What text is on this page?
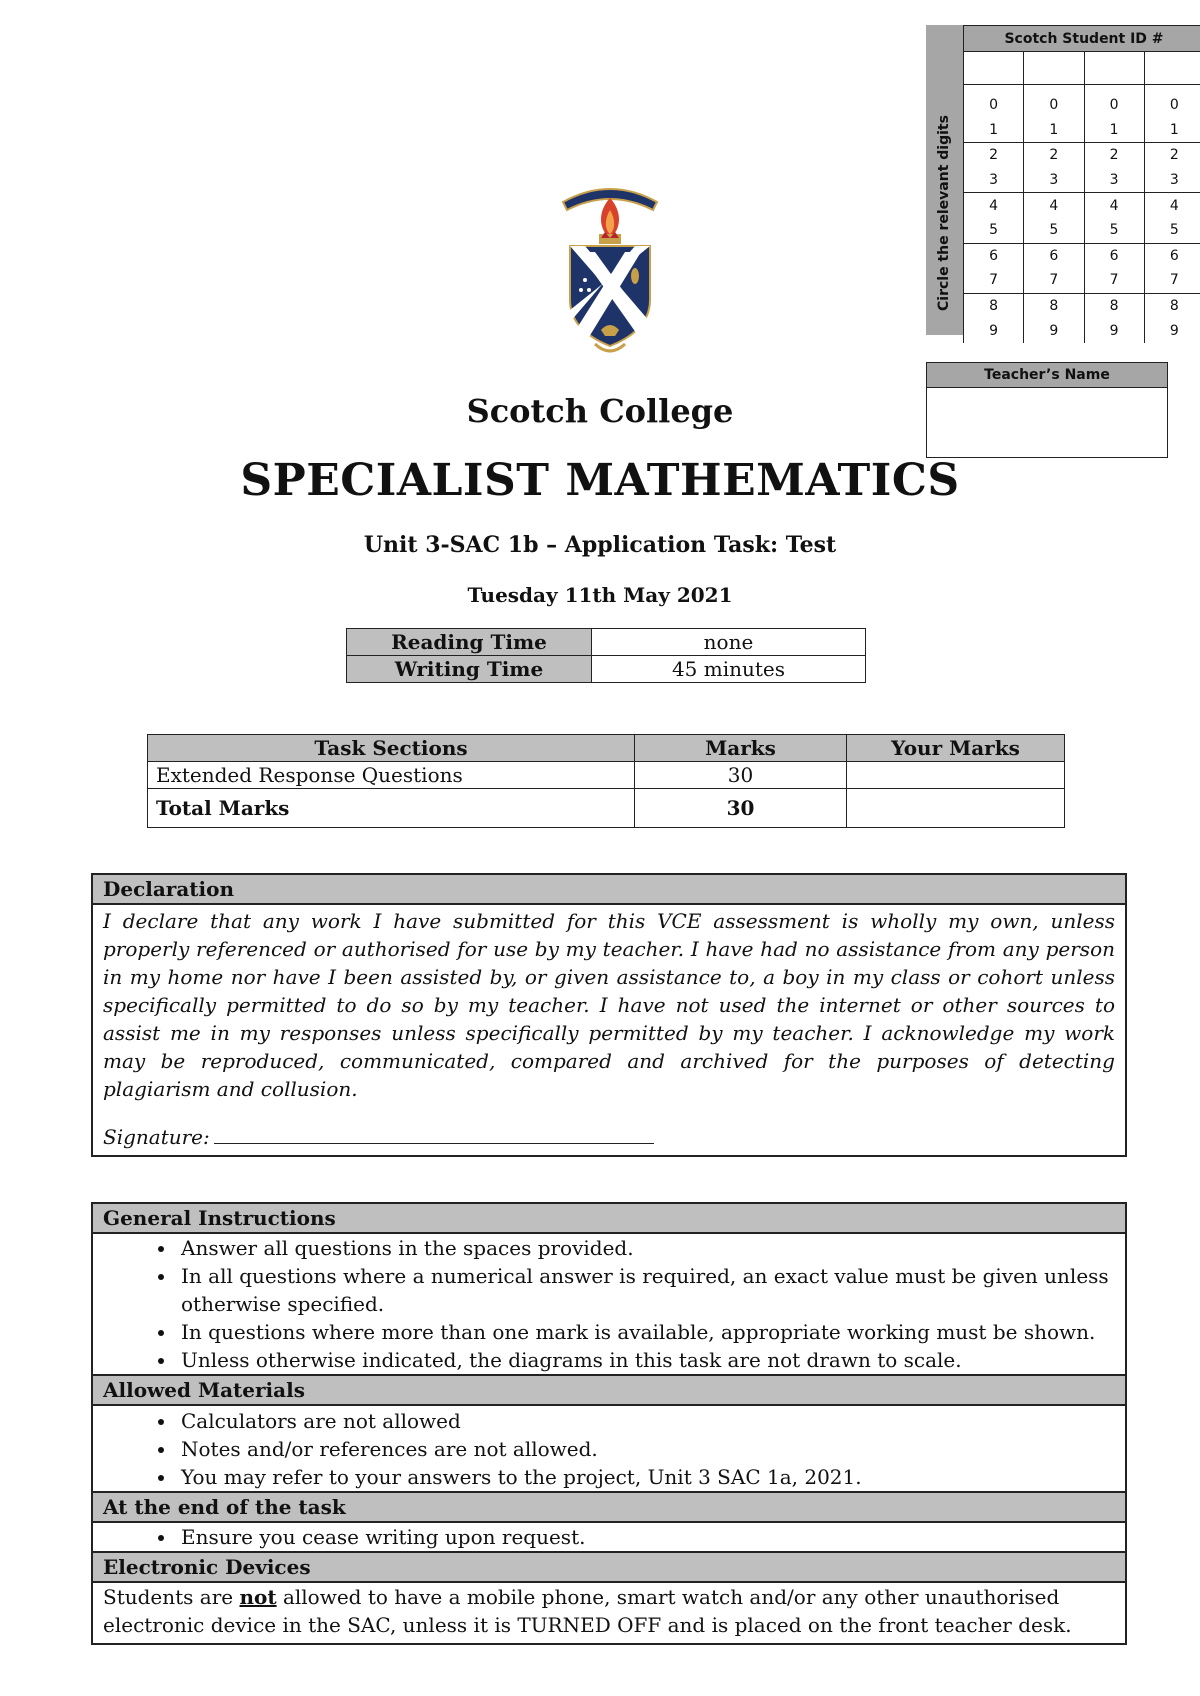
Circle the relevant digits
Scotch Student ID #			

0	0	0	0
1	1	1	1
2	2	2	2
3	3	3	3
4	4	4	4
5	5	5	5
6	6	6	6
7	7	7	7
8	8	8	8
9	9	9	9
Teacher’s Name
Scotch College
SPECIALIST MATHEMATICS
Unit 3-SAC 1b – Application Task: Test
Tuesday 11th May 2021
Reading Time	none
Writing Time	45 minutes
Task Sections	Marks	Your Marks
Extended Response Questions	30	
Total Marks	30	
Declaration
I declare that any work I have submitted for this VCE assessment is wholly my own, unless properly referenced or authorised for use by my teacher. I have had no assistance from any person in my home nor have I been assisted by, or given assistance to, a boy in my class or cohort unless specifically permitted to do so by my teacher. I have not used the internet or other sources to assist me in my responses unless specifically permitted by my teacher. I acknowledge my work may be reproduced, communicated, compared and archived for the purposes of detecting plagiarism and collusion.
Signature:
General Instructions
• Answer all questions in the spaces provided.
• In all questions where a numerical answer is required, an exact value must be given unless otherwise specified.
• In questions where more than one mark is available, appropriate working must be shown.
• Unless otherwise indicated, the diagrams in this task are not drawn to scale.
Allowed Materials
• Calculators are not allowed
• Notes and/or references are not allowed.
• You may refer to your answers to the project, Unit 3 SAC 1a, 2021.
At the end of the task
• Ensure you cease writing upon request.
Electronic Devices
Students are not allowed to have a mobile phone, smart watch and/or any other unauthorised electronic device in the SAC, unless it is TURNED OFF and is placed on the front teacher desk.
